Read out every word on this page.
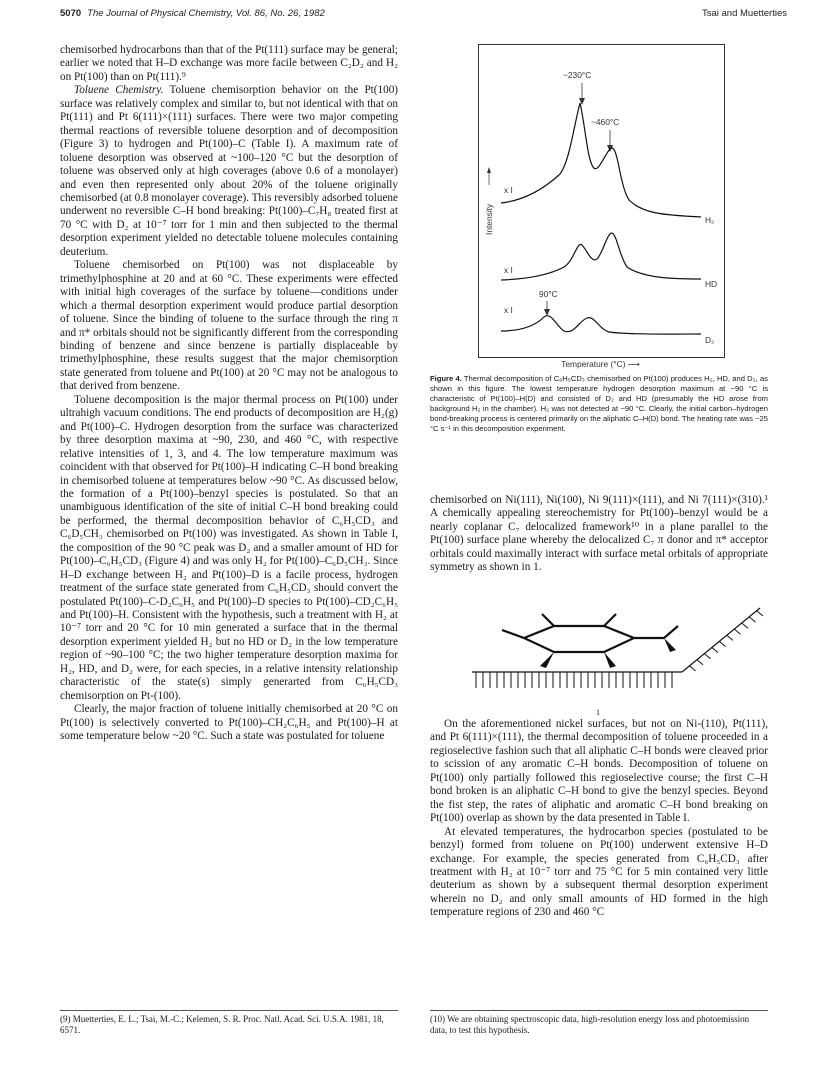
5070 The Journal of Physical Chemistry, Vol. 86, No. 26, 1982	Tsai and Muetterties

chemisorbed hydrocarbons than that of the Pt(111) surface may be general; earlier we noted that H–D exchange was more facile between C₂D₂ and H₂ on Pt(100) than on Pt(111).⁹

Toluene Chemistry. Toluene chemisorption behavior on the Pt(100) surface was relatively complex and similar to, but not identical with that on Pt(111) and Pt 6(111)×(111) surfaces. There were two major competing thermal reactions of reversible toluene desorption and of decomposition (Figure 3) to hydrogen and Pt(100)–C (Table I). A maximum rate of toluene desorption was observed at ~100–120 °C but the desorption of toluene was observed only at high coverages (above 0.6 of a monolayer) and even then represented only about 20% of the toluene originally chemisorbed (at 0.8 monolayer coverage). This reversibly adsorbed toluene underwent no reversible C–H bond breaking: Pt(100)–C₇H₈ treated first at 70 °C with D₂ at 10⁻⁷ torr for 1 min and then subjected to the thermal desorption experiment yielded no detectable toluene molecules containing deuterium.

Toluene chemisorbed on Pt(100) was not displaceable by trimethylphosphine at 20 and at 60 °C. These experiments were effected with initial high coverages of the surface by toluene—conditions under which a thermal desorption experiment would produce partial desorption of toluene. Since the binding of toluene to the surface through the ring π and π* orbitals should not be significantly different from the corresponding binding of benzene and since benzene is partially displaceable by trimethylphosphine, these results suggest that the major chemisorption state generated from toluene and Pt(100) at 20 °C may not be analogous to that derived from benzene.

Toluene decomposition is the major thermal process on Pt(100) under ultrahigh vacuum conditions. The end products of decomposition are H₂(g) and Pt(100)–C. Hydrogen desorption from the surface was characterized by three desorption maxima at ~90, 230, and 460 °C, with respective relative intensities of 1, 3, and 4. The low temperature maximum was coincident with that observed for Pt(100)–H indicating C–H bond breaking in chemisorbed toluene at temperatures below ~90 °C. As discussed below, the formation of a Pt(100)–benzyl species is postulated. So that an unambiguous identification of the site of initial C–H bond breaking could be performed, the thermal decomposition behavior of C₆H₅CD₃ and C₆D₅CH₃ chemisorbed on Pt(100) was investigated. As shown in Table I, the composition of the 90 °C peak was D₂ and a smaller amount of HD for Pt(100)–C₆H₅CD₃ (Figure 4) and was only H₂ for Pt(100)–C₆D₅CH₃. Since H–D exchange between H₂ and Pt(100)–D is a facile process, hydrogen treatment of the surface state generated from C₆H₅CD₃ should convert the postulated Pt(100)–C-D₂C₆H₅ and Pt(100)–D species to Pt(100)–CD₂C₆H₅ and Pt(100)–H. Consistent with the hypothesis, such a treatment with H₂ at 10⁻⁷ torr and 20 °C for 10 min generated a surface that in the thermal desorption experiment yielded H₂ but no HD or D₂ in the low temperature region of ~90–100 °C; the two higher temperature desorption maxima for H₂, HD, and D₂ were, for each species, in a relative intensity relationship characteristic of the state(s) simply generarted from C₆H₅CD₃ chemisorption on Pt-(100).

Clearly, the major fraction of toluene initially chemisorbed at 20 °C on Pt(100) is selectively converted to Pt(100)–CH₂C₆H₅ and Pt(100)–H at some temperature below ~20 °C. Such a state was postulated for toluene

~230°C
~460°C
Intensity
x I
H₂
x I
HD
90°C
x I
D₂
Temperature (°C) ⟶
Figure 4. Thermal decomposition of C₆H₅CD₃ chemisorbed on Pt(100) produces H₂, HD, and D₂, as shown in this figure. The lowest temperature hydrogen desorption maximum at ~90 °C is characteristic of Pt(100)–H(D) and consisted of D₂ and HD (presumably the HD arose from background H₂ in the chamber). H₂ was not detected at ~90 °C. Clearly, the initial carbon–hydrogen bond-breaking process is centered primarily on the aliphatic C–H(D) bond. The heating rate was ~25 °C s⁻¹ in this decomposition experiment.

chemisorbed on Ni(111), Ni(100), Ni 9(111)×(111), and Ni 7(111)×(310).¹ A chemically appealing stereochemistry for Pt(100)–benzyl would be a nearly coplanar C₇ delocalized framework¹⁰ in a plane parallel to the Pt(100) surface plane whereby the delocalized C₇ π donor and π* acceptor orbitals could maximally interact with surface metal orbitals of appropriate symmetry as shown in 1.

1

On the aforementioned nickel surfaces, but not on Ni-(110), Pt(111), and Pt 6(111)×(111), the thermal decomposition of toluene proceeded in a regioselective fashion such that all aliphatic C–H bonds were cleaved prior to scission of any aromatic C–H bonds. Decomposition of toluene on Pt(100) only partially followed this regioselective course; the first C–H bond broken is an aliphatic C–H bond to give the benzyl species. Beyond the fist step, the rates of aliphatic and aromatic C–H bond breaking on Pt(100) overlap as shown by the data presented in Table I.

At elevated temperatures, the hydrocarbon species (postulated to be benzyl) formed from toluene on Pt(100) underwent extensive H–D exchange. For example, the species generated from C₆H₅CD₃ after treatment with H₂ at 10⁻⁷ torr and 75 °C for 5 min contained very little deuterium as shown by a subsequent thermal desorption experiment wherein no D₂ and only small amounts of HD formed in the high temperature regions of 230 and 460 °C

(9) Muetterties, E. L.; Tsai, M.-C.; Kelemen, S. R. Proc. Natl. Acad. Sci. U.S.A. 1981, 18, 6571.
(10) We are obtaining spectroscopic data, high-resolution energy loss and photoemission data, to test this hypothesis.
